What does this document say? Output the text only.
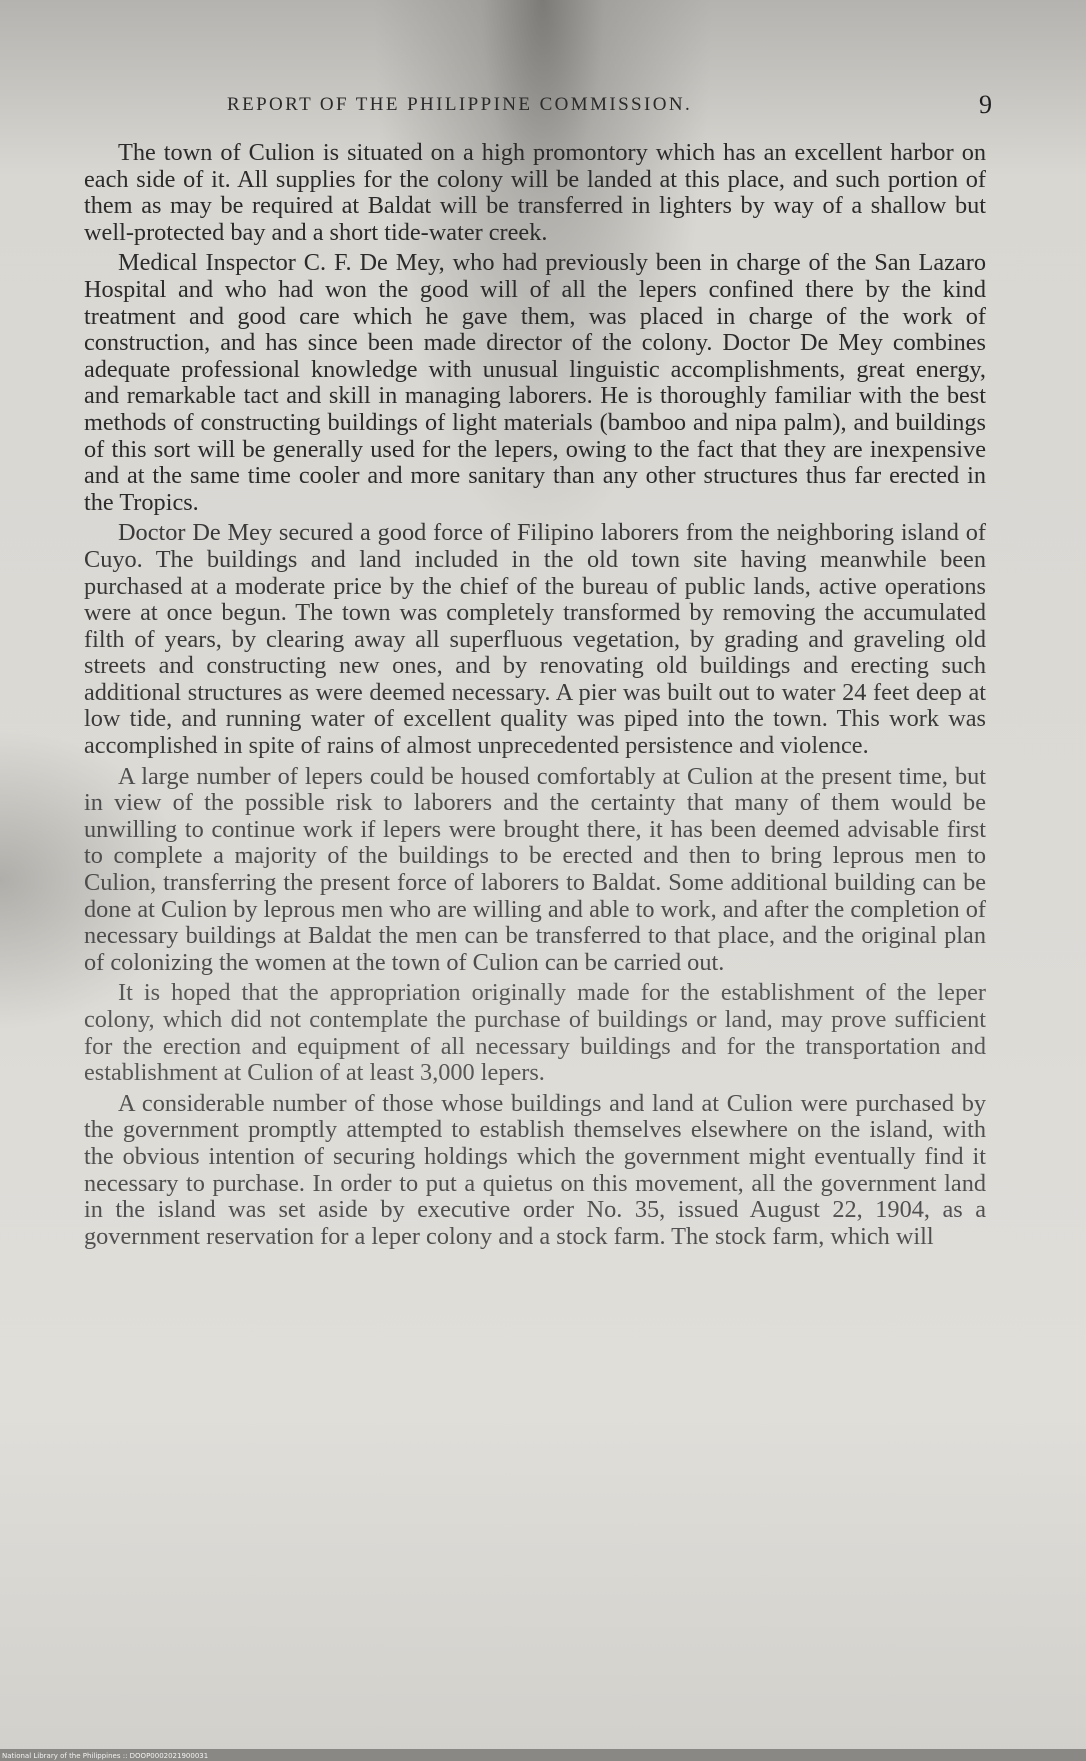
REPORT OF THE PHILIPPINE COMMISSION.	9

The town of Culion is situated on a high promontory which has an excellent harbor on each side of it. All supplies for the colony will be landed at this place, and such portion of them as may be required at Baldat will be transferred in lighters by way of a shallow but well-protected bay and a short tide-water creek.

Medical Inspector C. F. De Mey, who had previously been in charge of the San Lazaro Hospital and who had won the good will of all the lepers confined there by the kind treatment and good care which he gave them, was placed in charge of the work of construction, and has since been made director of the colony. Doctor De Mey combines adequate professional knowledge with unusual linguistic accomplishments, great energy, and remarkable tact and skill in managing laborers. He is thoroughly familiar with the best methods of constructing buildings of light materials (bamboo and nipa palm), and buildings of this sort will be generally used for the lepers, owing to the fact that they are inexpensive and at the same time cooler and more sanitary than any other structures thus far erected in the Tropics.

Doctor De Mey secured a good force of Filipino laborers from the neighboring island of Cuyo. The buildings and land included in the old town site having meanwhile been purchased at a moderate price by the chief of the bureau of public lands, active operations were at once begun. The town was completely transformed by removing the accumulated filth of years, by clearing away all superfluous vegetation, by grading and graveling old streets and constructing new ones, and by renovating old buildings and erecting such additional structures as were deemed necessary. A pier was built out to water 24 feet deep at low tide, and running water of excellent quality was piped into the town. This work was accomplished in spite of rains of almost unprecedented persistence and violence.

A large number of lepers could be housed comfortably at Culion at the present time, but in view of the possible risk to laborers and the certainty that many of them would be unwilling to continue work if lepers were brought there, it has been deemed advisable first to complete a majority of the buildings to be erected and then to bring leprous men to Culion, transferring the present force of laborers to Baldat. Some additional building can be done at Culion by leprous men who are willing and able to work, and after the completion of necessary buildings at Baldat the men can be transferred to that place, and the original plan of colonizing the women at the town of Culion can be carried out.

It is hoped that the appropriation originally made for the establishment of the leper colony, which did not contemplate the purchase of buildings or land, may prove sufficient for the erection and equipment of all necessary buildings and for the transportation and establishment at Culion of at least 3,000 lepers.

A considerable number of those whose buildings and land at Culion were purchased by the government promptly attempted to establish themselves elsewhere on the island, with the obvious intention of securing holdings which the government might eventually find it necessary to purchase. In order to put a quietus on this movement, all the government land in the island was set aside by executive order No. 35, issued August 22, 1904, as a government reservation for a leper colony and a stock farm. The stock farm, which will

National Library of the Philippines :: DOOP0002021900031
